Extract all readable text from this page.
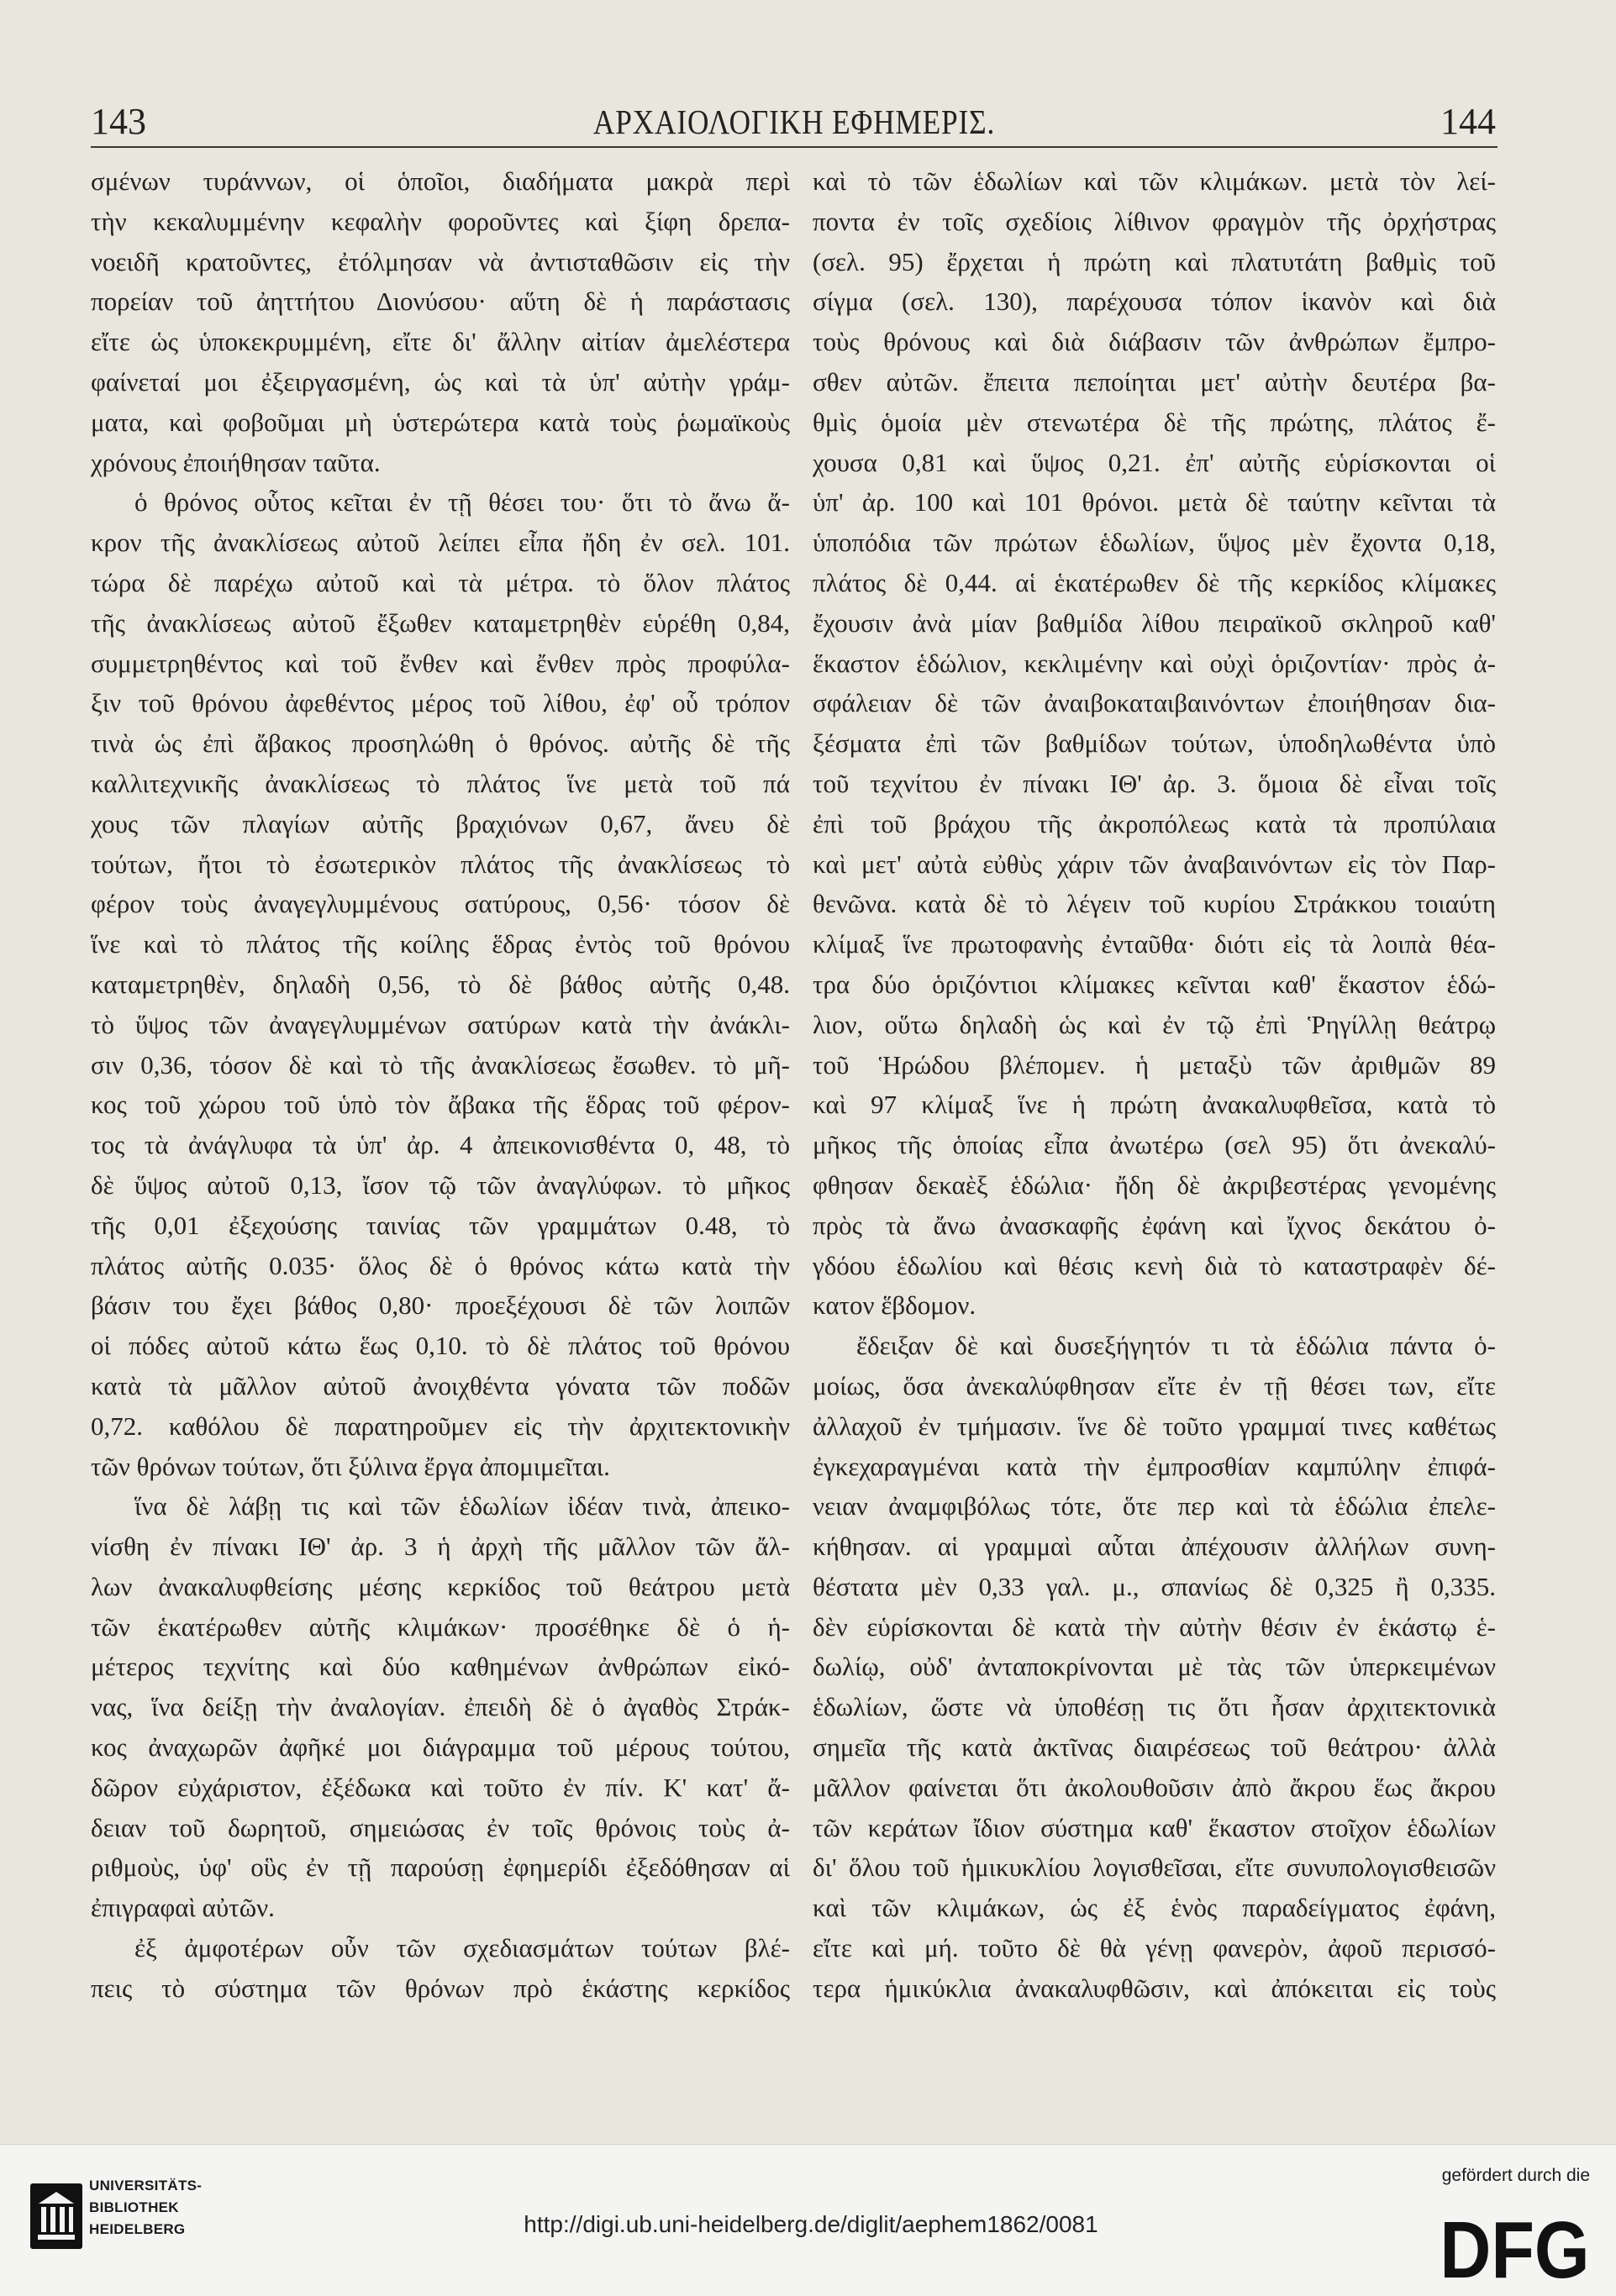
143	ΑΡΧΑΙΟΛΟΓΙΚΗ ΕΦΗΜΕΡΙΣ.	144
σμένων τυράννων, οἱ ὁποῖοι, διαδήματα μακρὰ περὶ
τὴν κεκαλυμμένην κεφαλὴν φοροῦντες καὶ ξίφη δρεπα-
νοειδῆ κρατοῦντες, ἐτόλμησαν νὰ ἀντισταθῶσιν εἰς τὴν
πορείαν τοῦ ἀηττήτου Διονύσου· αὕτη δὲ ἡ παράστασις
εἴτε ὡς ὑποκεκρυμμένη, εἴτε δι' ἄλλην αἰτίαν ἀμελέστερα
φαίνεταί μοι ἐξειργασμένη, ὡς καὶ τὰ ὑπ' αὐτὴν γράμ-
ματα, καὶ φοβοῦμαι μὴ ὑστερώτερα κατὰ τοὺς ῥωμαϊκοὺς
χρόνους ἐποιήθησαν ταῦτα.
ὁ θρόνος οὗτος κεῖται ἐν τῇ θέσει του· ὅτι τὸ ἄνω ἄ-
κρον τῆς ἀνακλίσεως αὐτοῦ λείπει εἶπα ἤδη ἐν σελ. 101.
τώρα δὲ παρέχω αὐτοῦ καὶ τὰ μέτρα. τὸ ὅλον πλάτος
τῆς ἀνακλίσεως αὐτοῦ ἔξωθεν καταμετρηθὲν εὑρέθη 0,84,
συμμετρηθέντος καὶ τοῦ ἔνθεν καὶ ἔνθεν πρὸς προφύλα-
ξιν τοῦ θρόνου ἀφεθέντος μέρος τοῦ λίθου, ἐφ' οὗ τρόπον
τινὰ ὡς ἐπὶ ἄβακος προσηλώθη ὁ θρόνος. αὐτῆς δὲ τῆς
καλλιτεχνικῆς ἀνακλίσεως τὸ πλάτος ἵνε μετὰ τοῦ πά
χους τῶν πλαγίων αὐτῆς βραχιόνων 0,67, ἄνευ δὲ
τούτων, ἤτοι τὸ ἐσωτερικὸν πλάτος τῆς ἀνακλίσεως τὸ
φέρον τοὺς ἀναγεγλυμμένους σατύρους, 0,56· τόσον δὲ
ἵνε καὶ τὸ πλάτος τῆς κοίλης ἕδρας ἐντὸς τοῦ θρόνου
καταμετρηθὲν, δηλαδὴ 0,56, τὸ δὲ βάθος αὐτῆς 0,48.
τὸ ὕψος τῶν ἀναγεγλυμμένων σατύρων κατὰ τὴν ἀνάκλι-
σιν 0,36, τόσον δὲ καὶ τὸ τῆς ἀνακλίσεως ἔσωθεν. τὸ μῆ-
κος τοῦ χώρου τοῦ ὑπὸ τὸν ἄβακα τῆς ἕδρας τοῦ φέρον-
τος τὰ ἀνάγλυφα τὰ ὑπ' ἀρ. 4 ἀπεικονισθέντα 0, 48, τὸ
δὲ ὕψος αὐτοῦ 0,13, ἴσον τῷ τῶν ἀναγλύφων. τὸ μῆκος
τῆς 0,01 ἐξεχούσης ταινίας τῶν γραμμάτων 0.48, τὸ
πλάτος αὐτῆς 0.035· ὅλος δὲ ὁ θρόνος κάτω κατὰ τὴν
βάσιν του ἔχει βάθος 0,80· προεξέχουσι δὲ τῶν λοιπῶν
οἱ πόδες αὐτοῦ κάτω ἕως 0,10. τὸ δὲ πλάτος τοῦ θρόνου
κατὰ τὰ μᾶλλον αὐτοῦ ἀνοιχθέντα γόνατα τῶν ποδῶν
0,72. καθόλου δὲ παρατηροῦμεν εἰς τὴν ἀρχιτεκτονικὴν
τῶν θρόνων τούτων, ὅτι ξύλινα ἔργα ἀπομιμεῖται.
ἵνα δὲ λάβῃ τις καὶ τῶν ἑδωλίων ἰδέαν τινὰ, ἀπεικο-
νίσθη ἐν πίνακι ΙΘ' ἀρ. 3 ἡ ἀρχὴ τῆς μᾶλλον τῶν ἄλ-
λων ἀνακαλυφθείσης μέσης κερκίδος τοῦ θεάτρου μετὰ
τῶν ἑκατέρωθεν αὐτῆς κλιμάκων· προσέθηκε δὲ ὁ ἡ-
μέτερος τεχνίτης καὶ δύο καθημένων ἀνθρώπων εἰκό-
νας, ἵνα δείξῃ τὴν ἀναλογίαν. ἐπειδὴ δὲ ὁ ἀγαθὸς Στράκ-
κος ἀναχωρῶν ἀφῆκέ μοι διάγραμμα τοῦ μέρους τούτου,
δῶρον εὐχάριστον, ἐξέδωκα καὶ τοῦτο ἐν πίν. Κ' κατ' ἄ-
δειαν τοῦ δωρητοῦ, σημειώσας ἐν τοῖς θρόνοις τοὺς ἀ-
ριθμοὺς, ὑφ' οὓς ἐν τῇ παρούσῃ ἐφημερίδι ἐξεδόθησαν αἱ
ἐπιγραφαὶ αὐτῶν.
ἐξ ἀμφοτέρων οὖν τῶν σχεδιασμάτων τούτων βλέ-
πεις τὸ σύστημα τῶν θρόνων πρὸ ἑκάστης κερκίδος
καὶ τὸ τῶν ἑδωλίων καὶ τῶν κλιμάκων. μετὰ τὸν λεί-
ποντα ἐν τοῖς σχεδίοις λίθινον φραγμὸν τῆς ὀρχήστρας
(σελ. 95) ἔρχεται ἡ πρώτη καὶ πλατυτάτη βαθμὶς τοῦ
σίγμα (σελ. 130), παρέχουσα τόπον ἱκανὸν καὶ διὰ
τοὺς θρόνους καὶ διὰ διάβασιν τῶν ἀνθρώπων ἔμπρο-
σθεν αὐτῶν. ἔπειτα πεποίηται μετ' αὐτὴν δευτέρα βα-
θμὶς ὁμοία μὲν στενωτέρα δὲ τῆς πρώτης, πλάτος ἔ-
χουσα 0,81 καὶ ὕψος 0,21. ἐπ' αὐτῆς εὑρίσκονται οἱ
ὑπ' ἀρ. 100 καὶ 101 θρόνοι. μετὰ δὲ ταύτην κεῖνται τὰ
ὑποπόδια τῶν πρώτων ἑδωλίων, ὕψος μὲν ἔχοντα 0,18,
πλάτος δὲ 0,44. αἱ ἑκατέρωθεν δὲ τῆς κερκίδος κλίμακες
ἔχουσιν ἀνὰ μίαν βαθμίδα λίθου πειραϊκοῦ σκληροῦ καθ'
ἕκαστον ἑδώλιον, κεκλιμένην καὶ οὐχὶ ὁριζοντίαν· πρὸς ἀ-
σφάλειαν δὲ τῶν ἀναιβοκαταιβαινόντων ἐποιήθησαν δια-
ξέσματα ἐπὶ τῶν βαθμίδων τούτων, ὑποδηλωθέντα ὑπὸ
τοῦ τεχνίτου ἐν πίνακι ΙΘ' ἀρ. 3. ὅμοια δὲ εἶναι τοῖς
ἐπὶ τοῦ βράχου τῆς ἀκροπόλεως κατὰ τὰ προπύλαια
καὶ μετ' αὐτὰ εὐθὺς χάριν τῶν ἀναβαινόντων εἰς τὸν Παρ-
θενῶνα. κατὰ δὲ τὸ λέγειν τοῦ κυρίου Στράκκου τοιαύτη
κλίμαξ ἵνε πρωτοφανὴς ἐνταῦθα· διότι εἰς τὰ λοιπὰ θέα-
τρα δύο ὁριζόντιοι κλίμακες κεῖνται καθ' ἕκαστον ἑδώ-
λιον, οὕτω δηλαδὴ ὡς καὶ ἐν τῷ ἐπὶ Ῥηγίλλῃ θεάτρῳ
τοῦ Ἡρώδου βλέπομεν. ἡ μεταξὺ τῶν ἀριθμῶν 89
καὶ 97 κλίμαξ ἵνε ἡ πρώτη ἀνακαλυφθεῖσα, κατὰ τὸ
μῆκος τῆς ὁποίας εἶπα ἀνωτέρω (σελ 95) ὅτι ἀνεκαλύ-
φθησαν δεκαὲξ ἑδώλια· ἤδη δὲ ἀκριβεστέρας γενομένης
πρὸς τὰ ἄνω ἀνασκαφῆς ἐφάνη καὶ ἴχνος δεκάτου ὀ-
γδόου ἑδωλίου καὶ θέσις κενὴ διὰ τὸ καταστραφὲν δέ-
κατον ἕβδομον.
ἔδειξαν δὲ καὶ δυσεξήγητόν τι τὰ ἑδώλια πάντα ὁ-
μοίως, ὅσα ἀνεκαλύφθησαν εἴτε ἐν τῇ θέσει των, εἴτε
ἀλλαχοῦ ἐν τμήμασιν. ἵνε δὲ τοῦτο γραμμαί τινες καθέτως
ἐγκεχαραγμέναι κατὰ τὴν ἐμπροσθίαν καμπύλην ἐπιφά-
νειαν ἀναμφιβόλως τότε, ὅτε περ καὶ τὰ ἑδώλια ἐπελε-
κήθησαν. αἱ γραμμαὶ αὗται ἀπέχουσιν ἀλλήλων συνη-
θέστατα μὲν 0,33 γαλ. μ., σπανίως δὲ 0,325 ἢ 0,335.
δὲν εὑρίσκονται δὲ κατὰ τὴν αὐτὴν θέσιν ἐν ἑκάστῳ ἑ-
δωλίῳ, οὐδ' ἀνταποκρίνονται μὲ τὰς τῶν ὑπερκειμένων
ἑδωλίων, ὥστε νὰ ὑποθέσῃ τις ὅτι ἦσαν ἀρχιτεκτονικὰ
σημεῖα τῆς κατὰ ἀκτῖνας διαιρέσεως τοῦ θεάτρου· ἀλλὰ
μᾶλλον φαίνεται ὅτι ἀκολουθοῦσιν ἀπὸ ἄκρου ἕως ἄκρου
τῶν κεράτων ἴδιον σύστημα καθ' ἕκαστον στοῖχον ἑδωλίων
δι' ὅλου τοῦ ἡμικυκλίου λογισθεῖσαι, εἴτε συνυπολογισθεισῶν
καὶ τῶν κλιμάκων, ὡς ἐξ ἑνὸς παραδείγματος ἐφάνη,
εἴτε καὶ μή. τοῦτο δὲ θὰ γένῃ φανερὸν, ἀφοῦ περισσό-
τερα ἡμικύκλια ἀνακαλυφθῶσιν, καὶ ἀπόκειται εἰς τοὺς
UNIVERSITÄTS-
BIBLIOTHEK
HEIDELBERG	http://digi.ub.uni-heidelberg.de/diglit/aephem1862/0081
gefördert durch die
DFG
